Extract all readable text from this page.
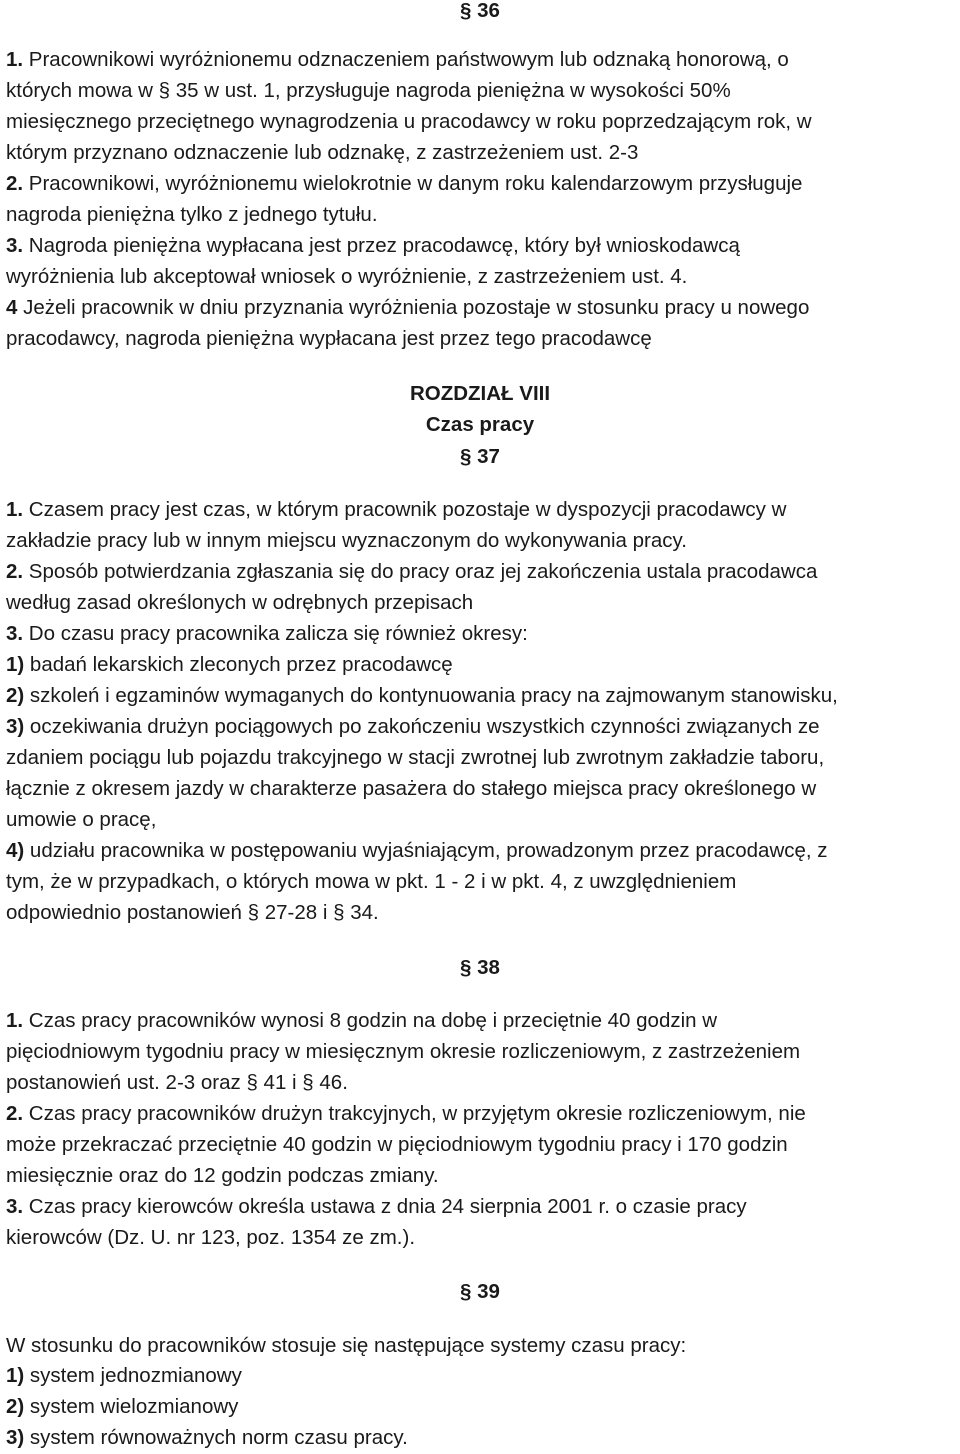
§ 36
1. Pracownikowi wyróżnionemu odznaczeniem państwowym lub odznaką honorową, o
których mowa w § 35 w ust. 1, przysługuje nagroda pieniężna w wysokości 50%
miesięcznego przeciętnego wynagrodzenia u pracodawcy w roku poprzedzającym rok, w
którym przyznano odznaczenie lub odznakę, z zastrzeżeniem ust. 2-3
2. Pracownikowi, wyróżnionemu wielokrotnie w danym roku kalendarzowym przysługuje
nagroda pieniężna tylko z jednego tytułu.
3. Nagroda pieniężna wypłacana jest przez pracodawcę, który był wnioskodawcą
wyróżnienia lub akceptował wniosek o wyróżnienie, z zastrzeżeniem ust. 4.
4 Jeżeli pracownik w dniu przyznania wyróżnienia pozostaje w stosunku pracy u nowego
pracodawcy, nagroda pieniężna wypłacana jest przez tego pracodawcę
ROZDZIAŁ VIII
Czas pracy
§ 37
1. Czasem pracy jest czas, w którym pracownik pozostaje w dyspozycji pracodawcy w
zakładzie pracy lub w innym miejscu wyznaczonym do wykonywania pracy.
2. Sposób potwierdzania zgłaszania się do pracy oraz jej zakończenia ustala pracodawca
według zasad określonych w odrębnych przepisach
3. Do czasu pracy pracownika zalicza się również okresy:
1) badań lekarskich zleconych przez pracodawcę
2) szkoleń i egzaminów wymaganych do kontynuowania pracy na zajmowanym stanowisku,
3) oczekiwania drużyn pociągowych po zakończeniu wszystkich czynności związanych ze
zdaniem pociągu lub pojazdu trakcyjnego w stacji zwrotnej lub zwrotnym zakładzie taboru,
łącznie z okresem jazdy w charakterze pasażera do stałego miejsca pracy określonego w
umowie o pracę,
4) udziału pracownika w postępowaniu wyjaśniającym, prowadzonym przez pracodawcę, z
tym, że w przypadkach, o których mowa w pkt. 1 - 2 i w pkt. 4, z uwzględnieniem
odpowiednio postanowień § 27-28 i § 34.
§ 38
1. Czas pracy pracowników wynosi 8 godzin na dobę i przeciętnie 40 godzin w
pięciodniowym tygodniu pracy w miesięcznym okresie rozliczeniowym, z zastrzeżeniem
postanowień ust. 2-3 oraz § 41 i § 46.
2. Czas pracy pracowników drużyn trakcyjnych, w przyjętym okresie rozliczeniowym, nie
może przekraczać przeciętnie 40 godzin w pięciodniowym tygodniu pracy i 170 godzin
miesięcznie oraz do 12 godzin podczas zmiany.
3. Czas pracy kierowców określa ustawa z dnia 24 sierpnia 2001 r. o czasie pracy
kierowców (Dz. U. nr 123, poz. 1354 ze zm.).
§ 39
W stosunku do pracowników stosuje się następujące systemy czasu pracy:
1) system jednozmianowy
2) system wielozmianowy
3) system równoważnych norm czasu pracy.
